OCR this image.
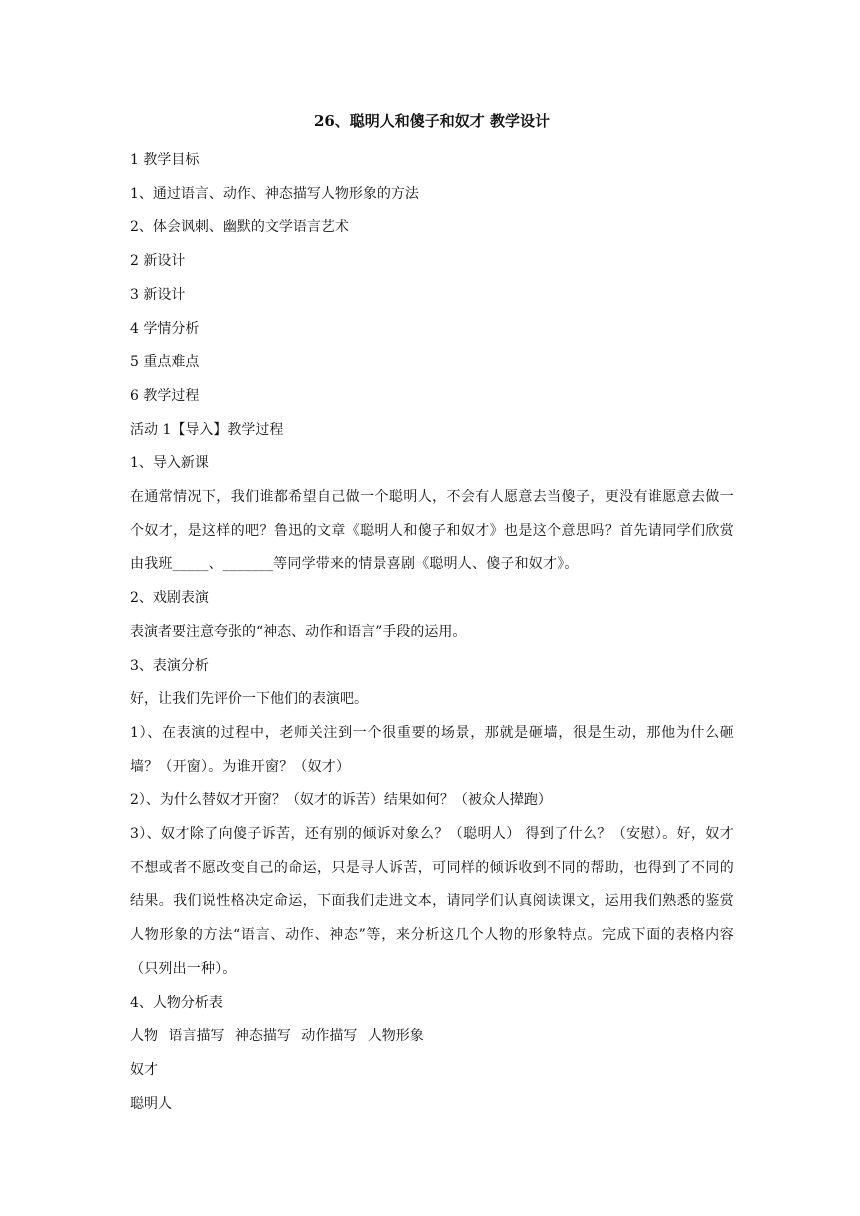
26、聪明人和傻子和奴才 教学设计

1 教学目标

1、通过语言、动作、神态描写人物形象的方法

2、体会讽刺、幽默的文学语言艺术

2 新设计

3 新设计

4 学情分析

5 重点难点

6 教学过程

活动 1【导入】教学过程

1、导入新课

在通常情况下，我们谁都希望自己做一个聪明人，不会有人愿意去当傻子，更没有谁愿意去做一个奴才，是这样的吧？鲁迅的文章《聪明人和傻子和奴才》也是这个意思吗？首先请同学们欣赏由我班_____、_______等同学带来的情景喜剧《聪明人、傻子和奴才》。

2、戏剧表演

表演者要注意夸张的“神态、动作和语言”手段的运用。

3、表演分析

好，让我们先评价一下他们的表演吧。

1）、在表演的过程中，老师关注到一个很重要的场景，那就是砸墙，很是生动，那他为什么砸墙？（开窗）。为谁开窗？（奴才）

2）、为什么替奴才开窗？（奴才的诉苦）结果如何？（被众人撵跑）

3）、奴才除了向傻子诉苦，还有别的倾诉对象么？（聪明人） 得到了什么？（安慰）。好，奴才不想或者不愿改变自己的命运，只是寻人诉苦，可同样的倾诉收到不同的帮助，也得到了不同的结果。我们说性格决定命运，下面我们走进文本，请同学们认真阅读课文，运用我们熟悉的鉴赏人物形象的方法“语言、动作、神态”等，来分析这几个人物的形象特点。完成下面的表格内容（只列出一种）。

4、人物分析表

人物 语言描写 神态描写 动作描写 人物形象

奴才

聪明人
